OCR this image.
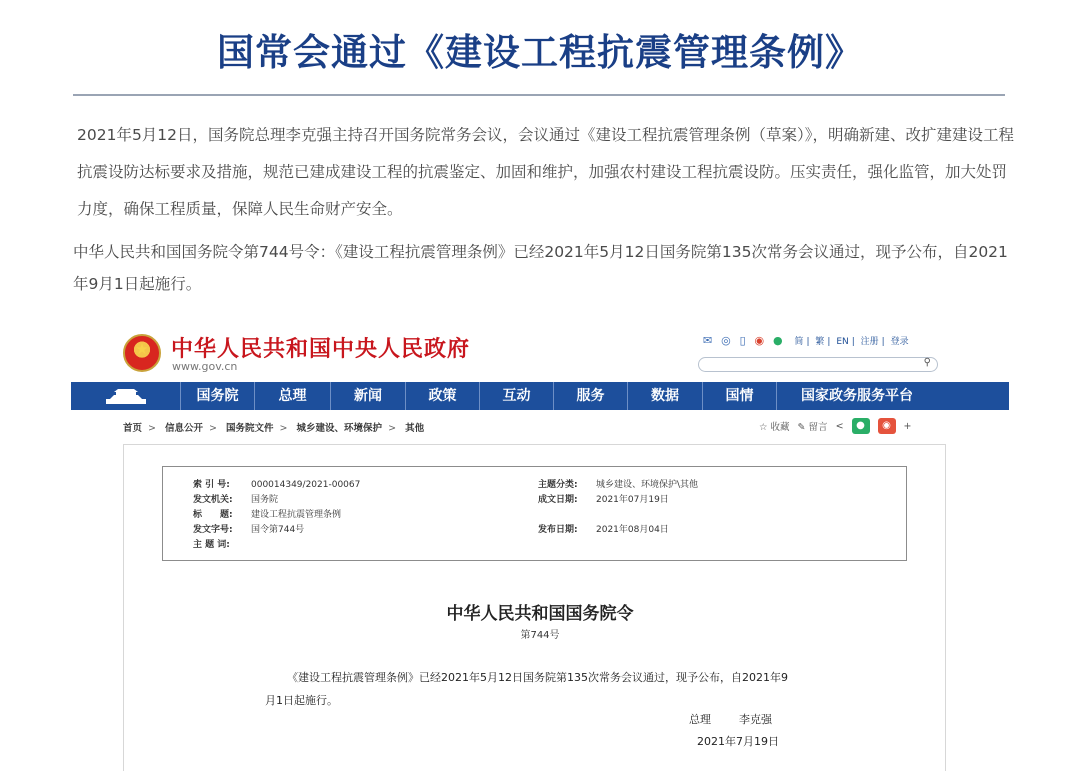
国常会通过《建设工程抗震管理条例》

2021年5月12日，国务院总理李克强主持召开国务院常务会议，会议通过《建设工程抗震管理条例（草案）》，明确新建、改扩建建设工程抗震设防达标要求及措施，规范已建成建设工程的抗震鉴定、加固和维护，加强农村建设工程抗震设防。压实责任，强化监管，加大处罚力度，确保工程质量，保障人民生命财产安全。

中华人民共和国国务院令第744号令：《建设工程抗震管理条例》已经2021年5月12日国务院第135次常务会议通过，现予公布，自2021年9月1日起施行。

★
中华人民共和国中央人民政府
www.gov.cn
✉ ◎ ▯ ◉ ● 简 | 繁 | EN | 注册 | 登录
⚲
国务院	总理	新闻	政策	互动	服务	数据	国情	国家政务服务平台
首页 > 信息公开 > 国务院文件 > 城乡建设、环境保护 > 其他	☆ 收藏 ✎ 留言 <	●	◉	+
索 引 号: 000014349/2021-00067	主题分类: 城乡建设、环境保护\其他
发文机关: 国务院	成文日期: 2021年07月19日
标　　题: 建设工程抗震管理条例
发文字号: 国令第744号	发布日期: 2021年08月04日
主 题 词:
中华人民共和国国务院令
第744号

《建设工程抗震管理条例》已经2021年5月12日国务院第135次常务会议通过，现予公布，自2021年9月1日起施行。

总理	李克强
2021年7月19日
